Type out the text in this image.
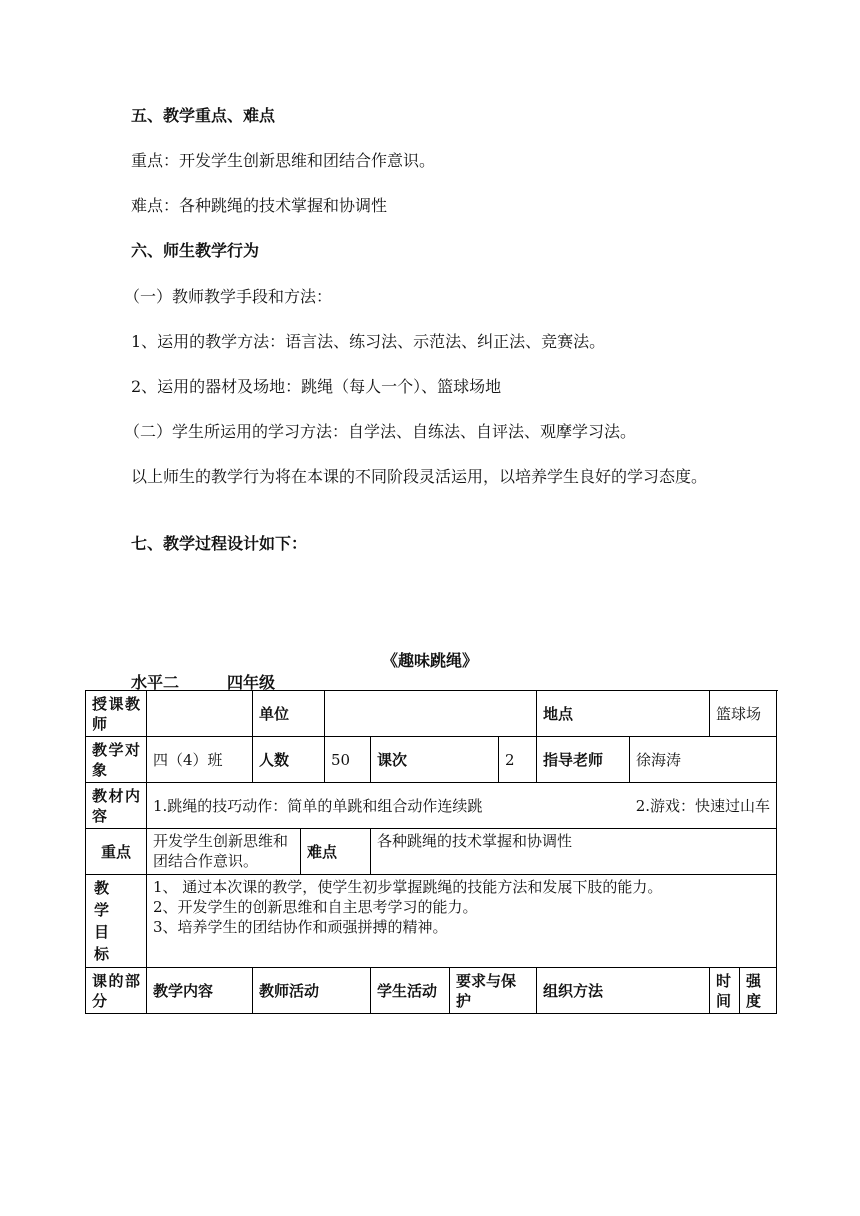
五、教学重点、难点
重点：开发学生创新思维和团结合作意识。
难点：各种跳绳的技术掌握和协调性
六、师生教学行为
（一）教师教学手段和方法：
1、运用的教学方法：语言法、练习法、示范法、纠正法、竞赛法。
2、运用的器材及场地：跳绳（每人一个）、篮球场地
（二）学生所运用的学习方法：自学法、自练法、自评法、观摩学习法。
以上师生的教学行为将在本课的不同阶段灵活运用，以培养学生良好的学习态度。
七、教学过程设计如下：
《趣味跳绳》
水平二	四年级
授课教师		单位						地点		篮球场	
教学对象	四（4）班	人数		50	课次		2	指导老师	徐海涛		
教材内容	1.跳绳的技巧动作：简单的单跳和组合动作连续跳 2.游戏：快速过山车										

重点	开发学生创新思维和团结合作意识。		难点		各种跳绳的技术掌握和协调性						

教学目标	1、 通过本次课的教学，使学生初步掌握跳绳的技能方法和发展下肢的能力。
2、开发学生的创新思维和自主思考学习的能力。
3、培养学生的团结协作和顽强拼搏的精神。										

课的部分	教学内容	教师活动			学生活动	要求与保护		组织方法		时间	强度
